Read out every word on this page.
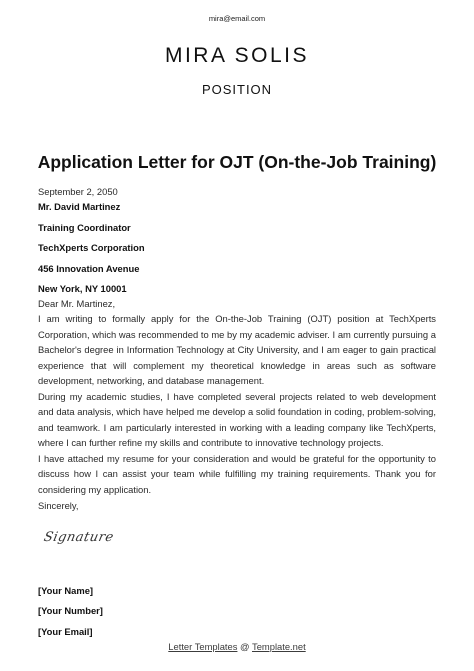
mira@email.com
MIRA SOLIS
POSITION
Application Letter for OJT (On-the-Job Training)
September 2, 2050
Mr. David Martinez
Training Coordinator
TechXperts Corporation
456 Innovation Avenue
New York, NY 10001
Dear Mr. Martinez,

I am writing to formally apply for the On-the-Job Training (OJT) position at TechXperts Corporation, which was recommended to me by my academic adviser. I am currently pursuing a Bachelor's degree in Information Technology at City University, and I am eager to gain practical experience that will complement my theoretical knowledge in areas such as software development, networking, and database management.

During my academic studies, I have completed several projects related to web development and data analysis, which have helped me develop a solid foundation in coding, problem-solving, and teamwork. I am particularly interested in working with a leading company like TechXperts, where I can further refine my skills and contribute to innovative technology projects.

I have attached my resume for your consideration and would be grateful for the opportunity to discuss how I can assist your team while fulfilling my training requirements. Thank you for considering my application.

Sincerely,
Signature
[Your Name]
[Your Number]
[Your Email]
Letter Templates @ Template.net
